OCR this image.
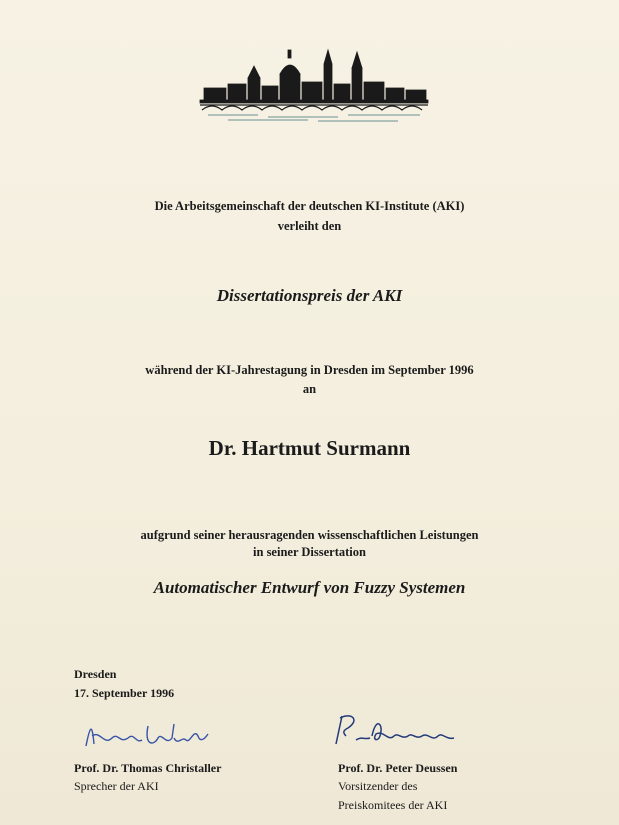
Die Arbeitsgemeinschaft der deutschen KI-Institute (AKI)
verleiht den
Dissertationspreis der AKI
während der KI-Jahrestagung in Dresden im September 1996
an
Dr. Hartmut Surmann
aufgrund seiner herausragenden wissenschaftlichen Leistungen
in seiner Dissertation
Automatischer Entwurf von Fuzzy Systemen
Dresden
17. September 1996
Prof. Dr. Thomas Christaller
Sprecher der AKI
Prof. Dr. Peter Deussen
Vorsitzender des
Preiskomitees der AKI
